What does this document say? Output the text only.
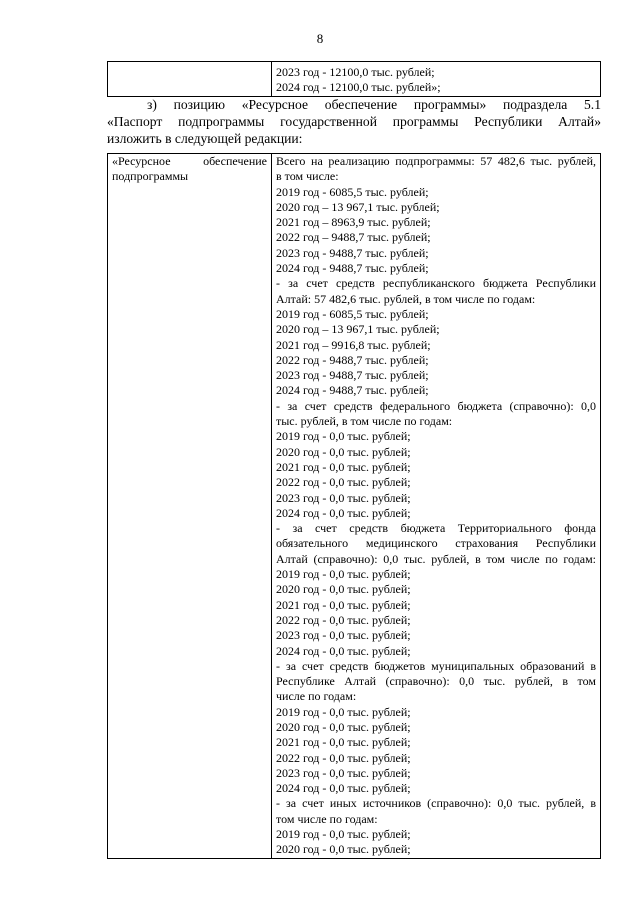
8

2023 год - 12100,0 тыс. рублей;
2024 год - 12100,0 тыс. рублей»;
з) позицию «Ресурсное обеспечение программы» подраздела 5.1
«Паспорт подпрограммы государственной программы Республики Алтай»
изложить в следующей редакции:
«Ресурсное обеспечение
подпрограммы

Всего на реализацию подпрограммы: 57 482,6 тыс. рублей,
в том числе:
2019 год - 6085,5 тыс. рублей;
2020 год – 13 967,1 тыс. рублей;
2021 год – 8963,9 тыс. рублей;
2022 год – 9488,7 тыс. рублей;
2023 год - 9488,7 тыс. рублей;
2024 год - 9488,7 тыс. рублей;
- за счет средств республиканского бюджета Республики
Алтай: 57 482,6 тыс. рублей, в том числе по годам:
2019 год - 6085,5 тыс. рублей;
2020 год – 13 967,1 тыс. рублей;
2021 год – 9916,8 тыс. рублей;
2022 год - 9488,7 тыс. рублей;
2023 год - 9488,7 тыс. рублей;
2024 год - 9488,7 тыс. рублей;
- за счет средств федерального бюджета (справочно): 0,0
тыс. рублей, в том числе по годам:
2019 год - 0,0 тыс. рублей;
2020 год - 0,0 тыс. рублей;
2021 год - 0,0 тыс. рублей;
2022 год - 0,0 тыс. рублей;
2023 год - 0,0 тыс. рублей;
2024 год - 0,0 тыс. рублей;
- за счет средств бюджета Территориального фонда
обязательного медицинского страхования Республики
Алтай (справочно): 0,0 тыс. рублей, в том числе по годам:
2019 год - 0,0 тыс. рублей;
2020 год - 0,0 тыс. рублей;
2021 год - 0,0 тыс. рублей;
2022 год - 0,0 тыс. рублей;
2023 год - 0,0 тыс. рублей;
2024 год - 0,0 тыс. рублей;
- за счет средств бюджетов муниципальных образований в
Республике Алтай (справочно): 0,0 тыс. рублей, в том
числе по годам:
2019 год - 0,0 тыс. рублей;
2020 год - 0,0 тыс. рублей;
2021 год - 0,0 тыс. рублей;
2022 год - 0,0 тыс. рублей;
2023 год - 0,0 тыс. рублей;
2024 год - 0,0 тыс. рублей;
- за счет иных источников (справочно): 0,0 тыс. рублей, в
том числе по годам:
2019 год - 0,0 тыс. рублей;
2020 год - 0,0 тыс. рублей;
